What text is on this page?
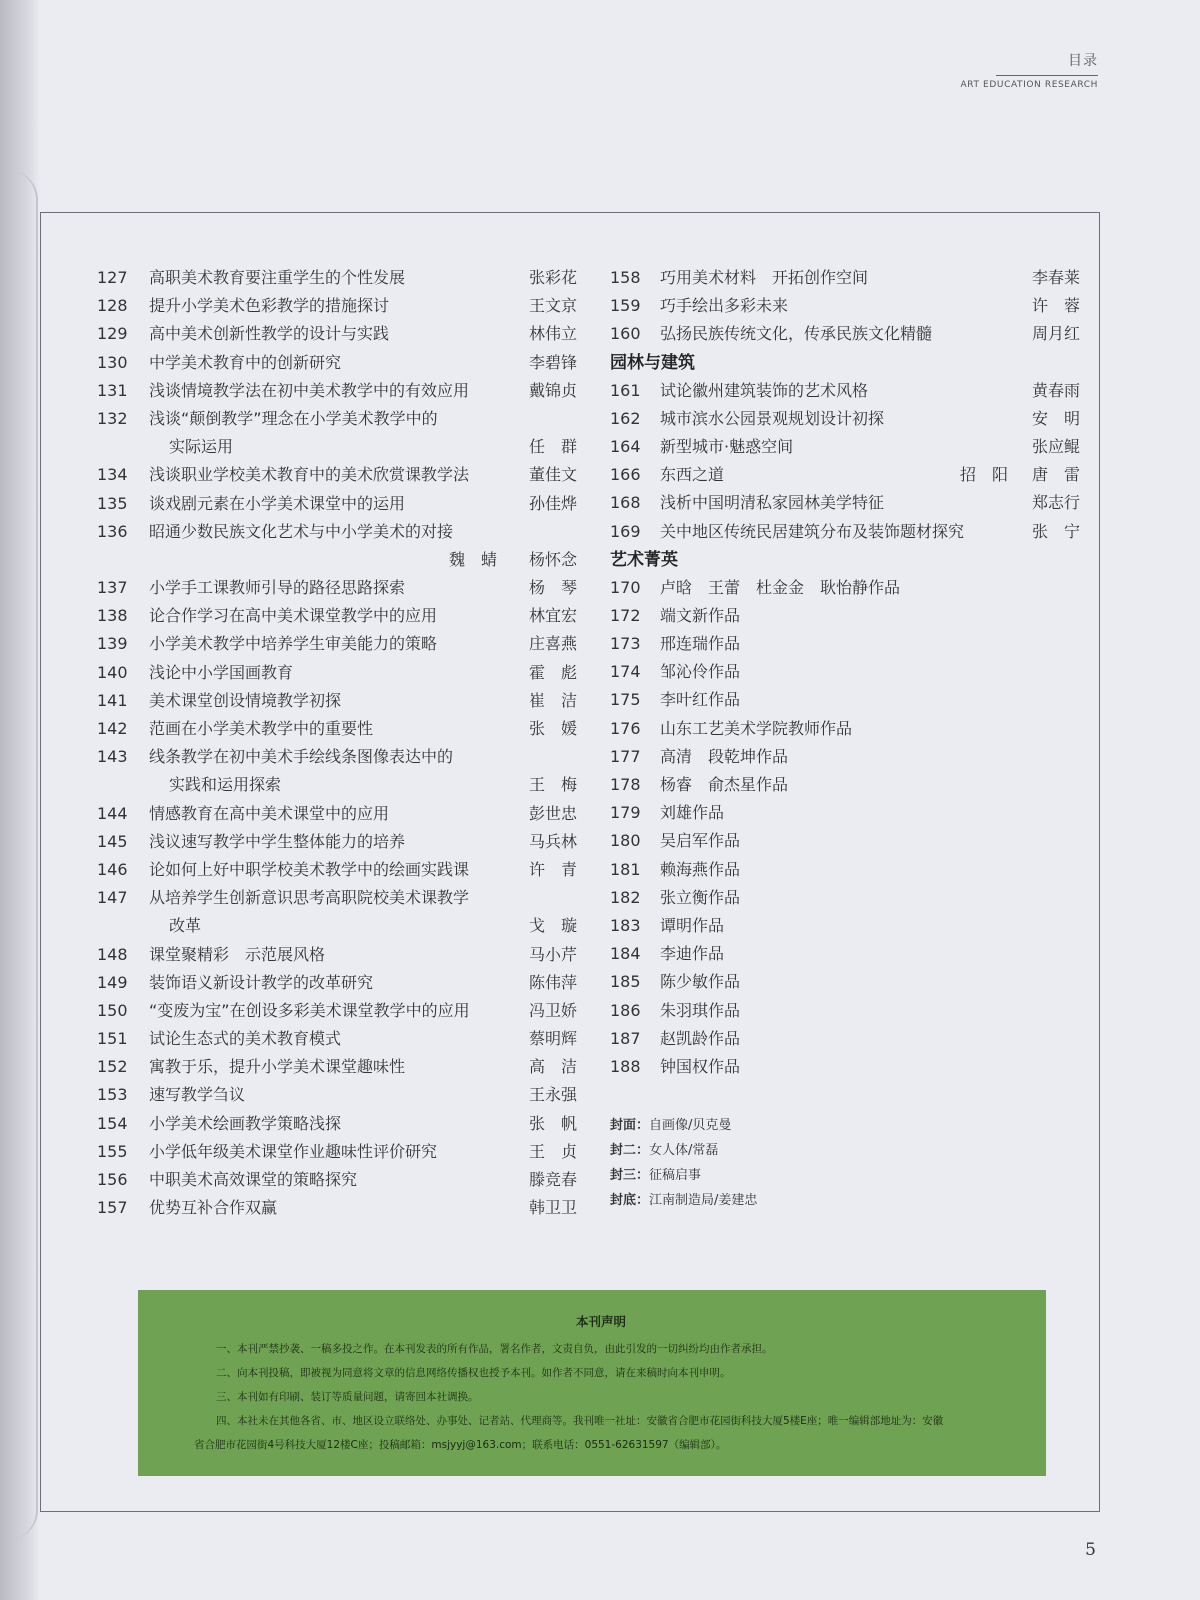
目录
ART EDUCATION RESEARCH
127	高职美术教育要注重学生的个性发展	张彩花
128	提升小学美术色彩教学的措施探讨	王文京
129	高中美术创新性教学的设计与实践	林伟立
130	中学美术教育中的创新研究	李碧锋
131	浅谈情境教学法在初中美术教学中的有效应用	戴锦贞
132	浅谈“颠倒教学”理念在小学美术教学中的
实际运用	任　群
134	浅谈职业学校美术教育中的美术欣赏课教学法	董佳文
135	谈戏剧元素在小学美术课堂中的运用	孙佳烨
136	昭通少数民族文化艺术与中小学美术的对接
魏　蜻 杨怀念
137	小学手工课教师引导的路径思路探索	杨　琴
138	论合作学习在高中美术课堂教学中的应用	林宜宏
139	小学美术教学中培养学生审美能力的策略	庄喜燕
140	浅论中小学国画教育	霍　彪
141	美术课堂创设情境教学初探	崔　洁
142	范画在小学美术教学中的重要性	张　媛
143	线条教学在初中美术手绘线条图像表达中的
实践和运用探索	王　梅
144	情感教育在高中美术课堂中的应用	彭世忠
145	浅议速写教学中学生整体能力的培养	马兵林
146	论如何上好中职学校美术教学中的绘画实践课	许　青
147	从培养学生创新意识思考高职院校美术课教学
改革	戈　璇
148	课堂聚精彩　示范展风格	马小芹
149	装饰语义新设计教学的改革研究	陈伟萍
150	“变废为宝”在创设多彩美术课堂教学中的应用	冯卫娇
151	试论生态式的美术教育模式	蔡明辉
152	寓教于乐，提升小学美术课堂趣味性	高　洁
153	速写教学刍议	王永强
154	小学美术绘画教学策略浅探	张　帆
155	小学低年级美术课堂作业趣味性评价研究	王　贞
156	中职美术高效课堂的策略探究	滕竞春
157	优势互补合作双赢	韩卫卫
158	巧用美术材料　开拓创作空间	李春莱
159	巧手绘出多彩未来	许　蓉
160	弘扬民族传统文化，传承民族文化精髓	周月红
园林与建筑
161	试论徽州建筑装饰的艺术风格	黄春雨
162	城市滨水公园景观规划设计初探	安　明
164	新型城市·魅惑空间	张应鲲
166	东西之道	招　阳 唐　雷
168	浅析中国明清私家园林美学特征	郑志行
169	关中地区传统民居建筑分布及装饰题材探究	张　宁
艺术菁英
170	卢晗　王蕾　杜金金　耿怡静作品
172	端文新作品
173	邢连瑞作品
174	邹沁伶作品
175	李叶红作品
176	山东工艺美术学院教师作品
177	高清　段乾坤作品
178	杨睿　俞杰星作品
179	刘雄作品
180	吴启军作品
181	赖海燕作品
182	张立衡作品
183	谭明作品
184	李迪作品
185	陈少敏作品
186	朱羽琪作品
187	赵凯龄作品
188	钟国权作品
封面：自画像/贝克曼
封二：女人体/常磊
封三：征稿启事
封底：江南制造局/姜建忠
本刊声明
一、本刊严禁抄袭、一稿多投之作。在本刊发表的所有作品，署名作者，文责自负，由此引发的一切纠纷均由作者承担。
二、向本刊投稿，即被视为同意将文章的信息网络传播权也授予本刊。如作者不同意，请在来稿时向本刊申明。
三、本刊如有印刷、装订等质量问题，请寄回本社调换。
四、本社未在其他各省、市、地区设立联络处、办事处、记者站、代理商等。我刊唯一社址：安徽省合肥市花园街科技大厦5楼E座；唯一编辑部地址为：安徽
省合肥市花园街4号科技大厦12楼C座；投稿邮箱：msjyyj@163.com；联系电话：0551-62631597（编辑部）。
5
